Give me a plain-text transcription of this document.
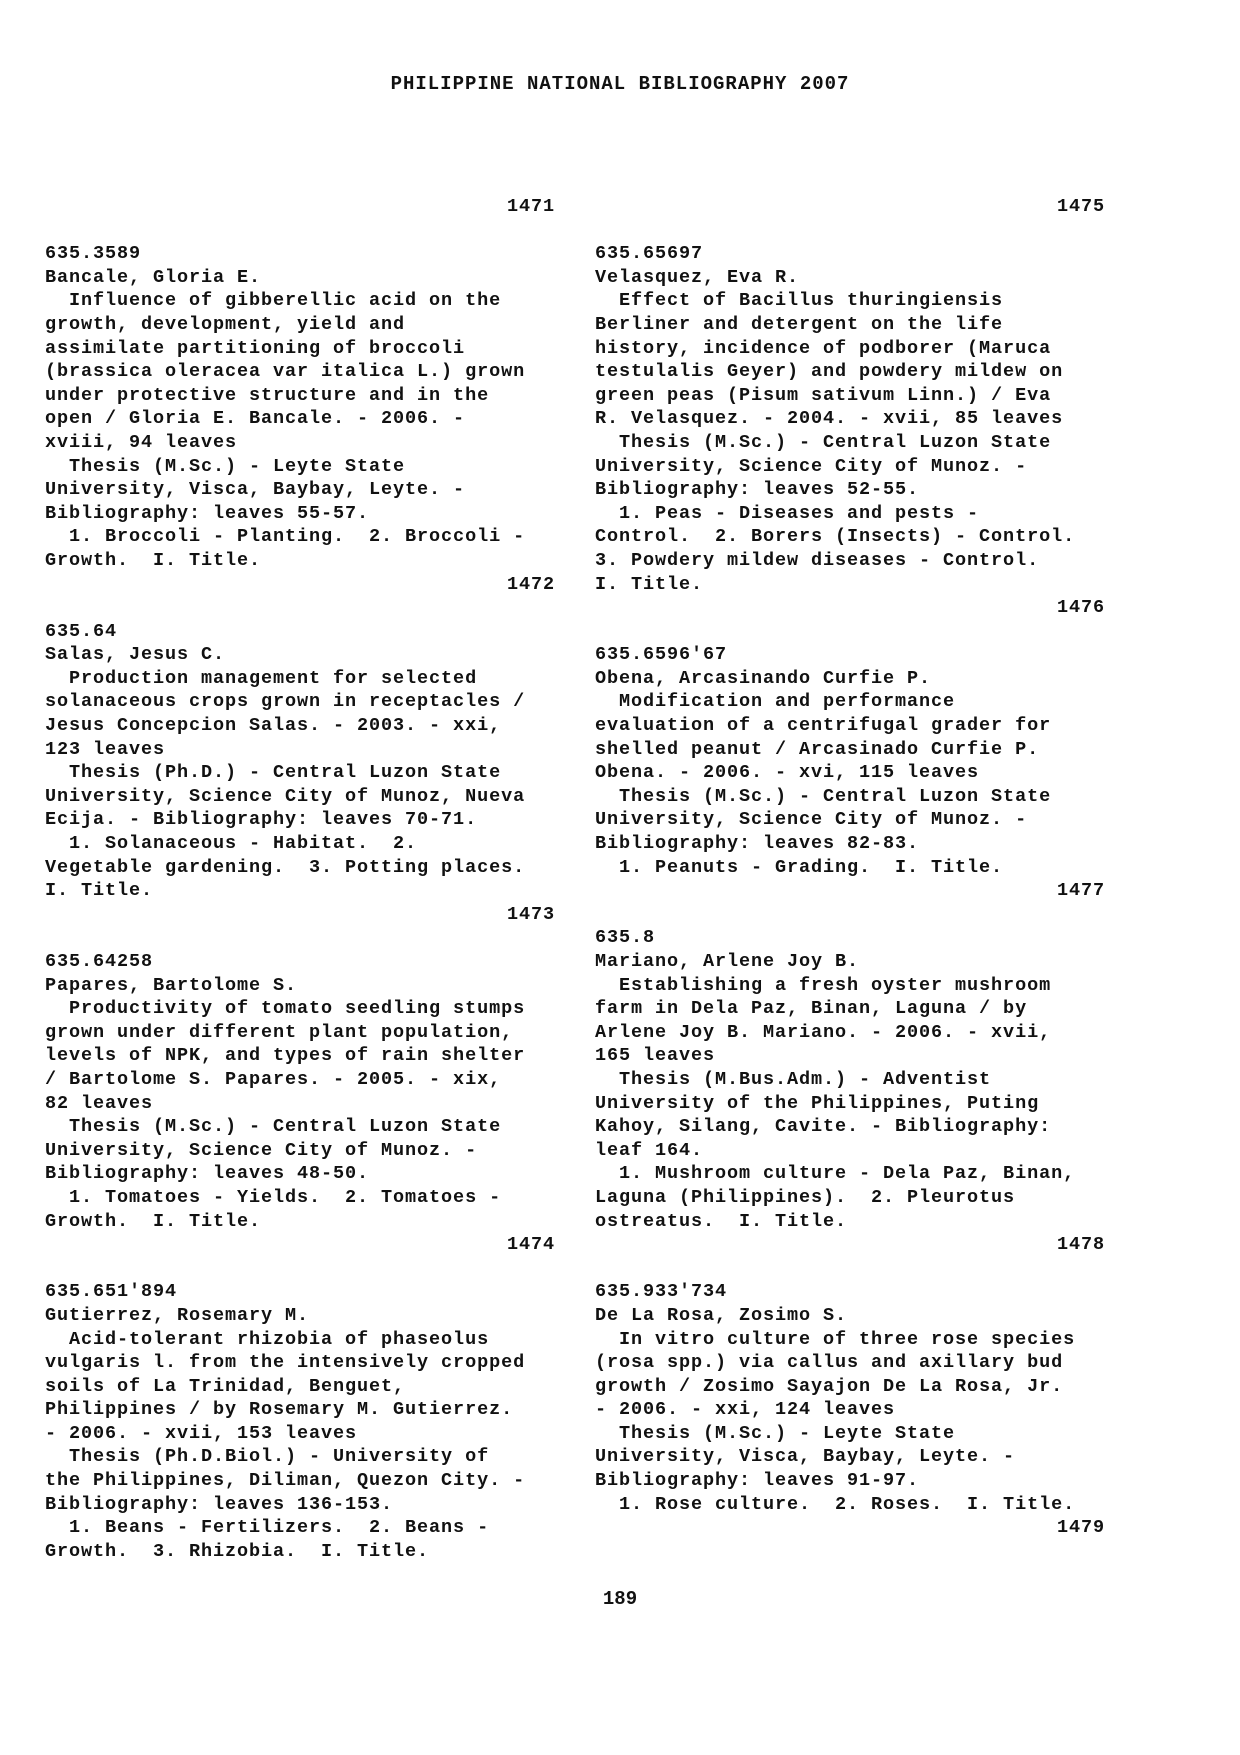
PHILIPPINE NATIONAL BIBLIOGRAPHY 2007
1471
635.3589
Bancale, Gloria E.
Influence of gibberellic acid on the
growth, development, yield and
assimilate partitioning of broccoli
(brassica oleracea var italica L.) grown
under protective structure and in the
open / Gloria E. Bancale. - 2006. -
xviii, 94 leaves
Thesis (M.Sc.) - Leyte State
University, Visca, Baybay, Leyte. -
Bibliography: leaves 55-57.
1. Broccoli - Planting.  2. Broccoli -
Growth.  I. Title.
1472
635.64
Salas, Jesus C.
Production management for selected
solanaceous crops grown in receptacles /
Jesus Concepcion Salas. - 2003. - xxi,
123 leaves
Thesis (Ph.D.) - Central Luzon State
University, Science City of Munoz, Nueva
Ecija. - Bibliography: leaves 70-71.
1. Solanaceous - Habitat.  2.
Vegetable gardening.  3. Potting places.
I. Title.
1473
635.64258
Papares, Bartolome S.
Productivity of tomato seedling stumps
grown under different plant population,
levels of NPK, and types of rain shelter
/ Bartolome S. Papares. - 2005. - xix,
82 leaves
Thesis (M.Sc.) - Central Luzon State
University, Science City of Munoz. -
Bibliography: leaves 48-50.
1. Tomatoes - Yields.  2. Tomatoes -
Growth.  I. Title.
1474
635.651'894
Gutierrez, Rosemary M.
Acid-tolerant rhizobia of phaseolus
vulgaris l. from the intensively cropped
soils of La Trinidad, Benguet,
Philippines / by Rosemary M. Gutierrez.
- 2006. - xvii, 153 leaves
Thesis (Ph.D.Biol.) - University of
the Philippines, Diliman, Quezon City. -
Bibliography: leaves 136-153.
1. Beans - Fertilizers.  2. Beans -
Growth.  3. Rhizobia.  I. Title.
1475
635.65697
Velasquez, Eva R.
Effect of Bacillus thuringiensis
Berliner and detergent on the life
history, incidence of podborer (Maruca
testulalis Geyer) and powdery mildew on
green peas (Pisum sativum Linn.) / Eva
R. Velasquez. - 2004. - xvii, 85 leaves
Thesis (M.Sc.) - Central Luzon State
University, Science City of Munoz. -
Bibliography: leaves 52-55.
1. Peas - Diseases and pests -
Control.  2. Borers (Insects) - Control.
3. Powdery mildew diseases - Control.
I. Title.
1476
635.6596'67
Obena, Arcasinando Curfie P.
Modification and performance
evaluation of a centrifugal grader for
shelled peanut / Arcasinado Curfie P.
Obena. - 2006. - xvi, 115 leaves
Thesis (M.Sc.) - Central Luzon State
University, Science City of Munoz. -
Bibliography: leaves 82-83.
1. Peanuts - Grading.  I. Title.
1477
635.8
Mariano, Arlene Joy B.
Establishing a fresh oyster mushroom
farm in Dela Paz, Binan, Laguna / by
Arlene Joy B. Mariano. - 2006. - xvii,
165 leaves
Thesis (M.Bus.Adm.) - Adventist
University of the Philippines, Puting
Kahoy, Silang, Cavite. - Bibliography:
leaf 164.
1. Mushroom culture - Dela Paz, Binan,
Laguna (Philippines).  2. Pleurotus
ostreatus.  I. Title.
1478
635.933'734
De La Rosa, Zosimo S.
In vitro culture of three rose species
(rosa spp.) via callus and axillary bud
growth / Zosimo Sayajon De La Rosa, Jr.
- 2006. - xxi, 124 leaves
Thesis (M.Sc.) - Leyte State
University, Visca, Baybay, Leyte. -
Bibliography: leaves 91-97.
1. Rose culture.  2. Roses.  I. Title.
1479
189
